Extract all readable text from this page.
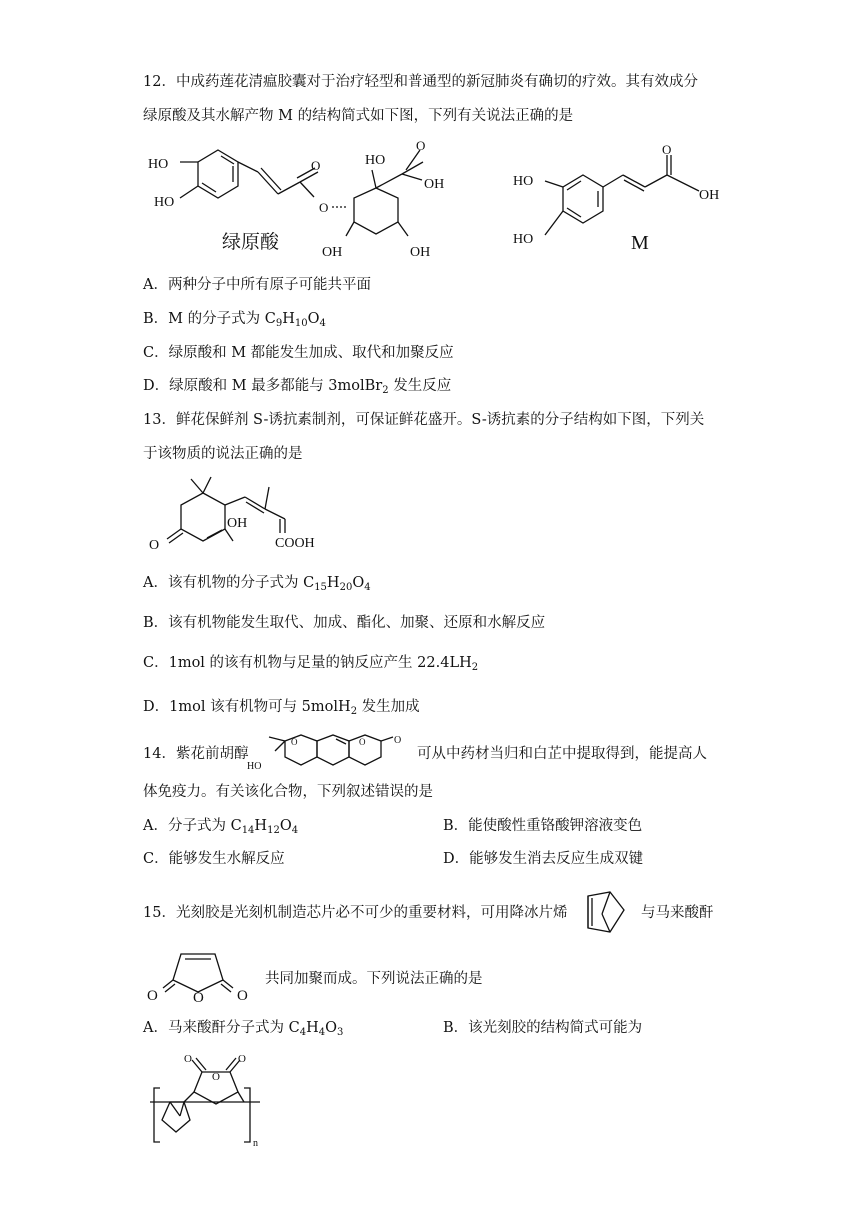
12．中成药莲花清瘟胶囊对于治疗轻型和普通型的新冠肺炎有确切的疗效。其有效成分
绿原酸及其水解产物 M 的结构简式如下图，下列有关说法正确的是
HO
HO
O
O
HO
O
OH
OH	OH
绿原酸
HO
HO
O
OH
M
A．两种分子中所有原子可能共平面
B．M 的分子式为 $C_9H_{10}O_4$
C．绿原酸和 M 都能发生加成、取代和加聚反应
D．绿原酸和 M 最多都能与 3molBr$_2$ 发生反应
13．鲜花保鲜剂 S-诱抗素制剂，可保证鲜花盛开。S-诱抗素的分子结构如下图，下列关
于该物质的说法正确的是
O
OH
COOH
A．该有机物的分子式为 $C_{15}H_{20}O_4$
B．该有机物能发生取代、加成、酯化、加聚、还原和水解反应
C．1mol 的该有机物与足量的钠反应产生 $22.4LH_2$
D．1mol 该有机物可与 5molH$_2$ 发生加成
14．紫花前胡醇
O	O	O
HO
可从中药材当归和白芷中提取得到，能提高人
体免疫力。有关该化合物，下列叙述错误的是
A．分子式为 $C_{14}H_{12}O_4$	B．能使酸性重铬酸钾溶液变色
C．能够发生水解反应	D．能够发生消去反应生成双键
15．光刻胶是光刻机制造芯片必不可少的重要材料，可用降冰片烯	与马来酸酐
O O O
共同加聚而成。下列说法正确的是
A．马来酸酐分子式为 $C_4H_4O_3$	B．该光刻胶的结构简式可能为
O
O
O
n
